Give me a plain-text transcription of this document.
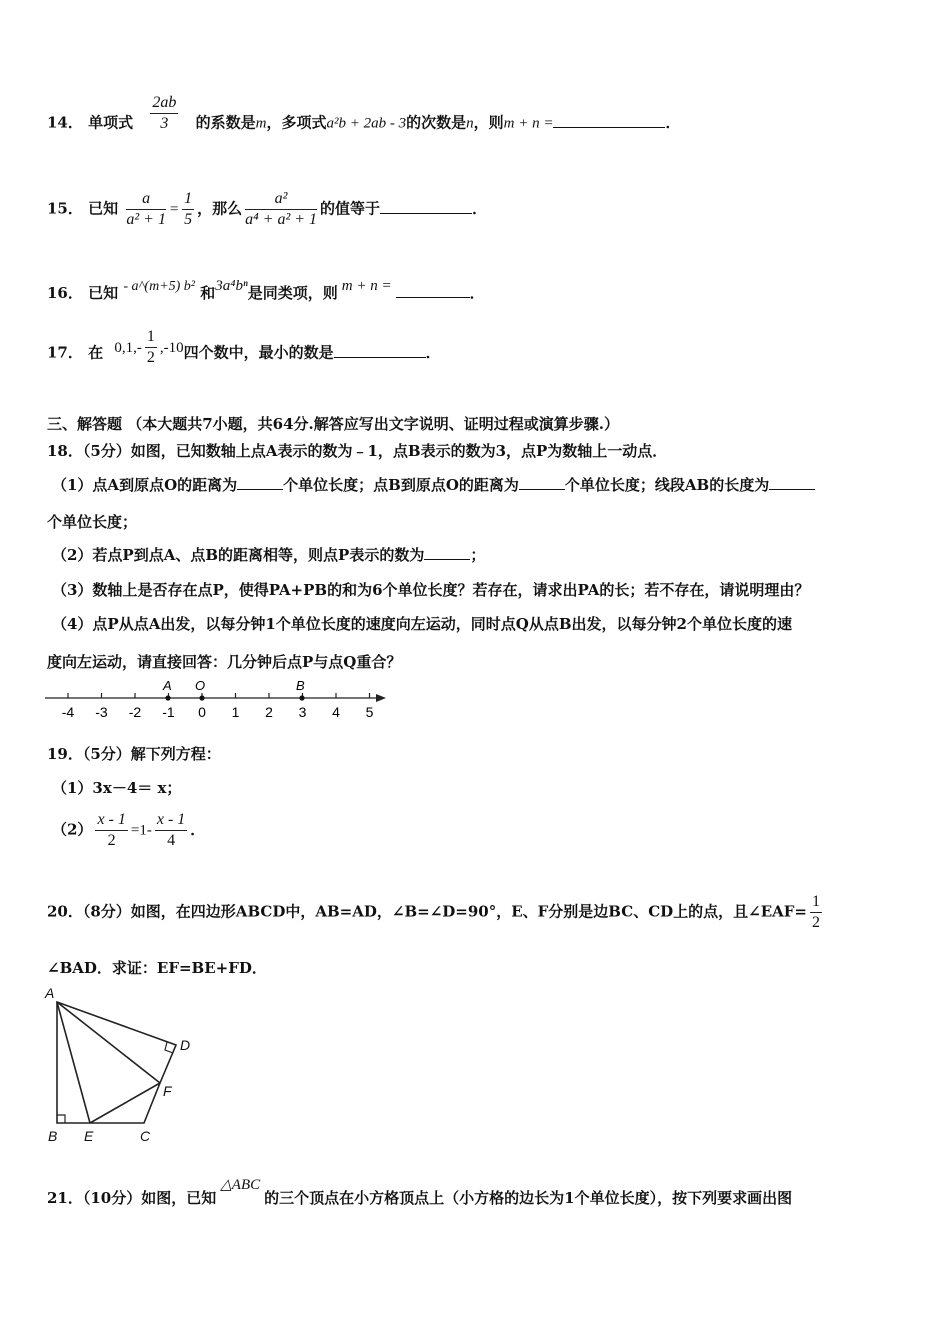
14． 单项式 $\frac{2ab}{3}$ 的系数是m，多项式a²b + 2ab - 3的次数是n，则m + n =	．
15． 已知 $\frac{a}{\text{a² + 1}} = \frac{1}{5}$ ，那么 $\frac{\text{a²}}{\text{a⁴ + a² + 1}}$ 的值等于	．
16． 已知 - a^(m+5) b² 和3a⁴bⁿ是同类项，则 m + n =	．
17． 在 $0,1,- \frac{1}{2} ,-10$四个数中，最小的数是	．
三、解答题 （本大题共7小题，共64分.解答应写出文字说明、证明过程或演算步骤.）
18．（5分）如图，已知数轴上点A表示的数为﹣1，点B表示的数为3，点P为数轴上一动点．
（1）点A到原点O的距离为	个单位长度；点B到原点O的距离为	个单位长度；线段AB的长度为
个单位长度；
（2）若点P到点A、点B的距离相等，则点P表示的数为	；
（3）数轴上是否存在点P，使得PA+PB的和为6个单位长度？若存在，请求出PA的长；若不存在，请说明理由？
（4）点P从点A出发，以每分钟1个单位长度的速度向左运动，同时点Q从点B出发，以每分钟2个单位长度的速
度向左运动，请直接回答：几分钟后点P与点Q重合？
-4 -3 -2 -1 0 1 2 3 4 5
A O	B
19．（5分）解下列方程：
（1）3x－4＝ x；
$(2) \frac{x - 1}{2} =1- \frac{x - 1}{4}$ ．
20．（8分）如图，在四边形ABCD中，AB=AD，∠B=∠D=90°，E、F分别是边BC、CD上的点，且∠EAF= $\frac{1}{2}$
∠BAD．求证：EF=BE+FD．
A
B	C
D
E
F
21．（10分）如图，已知△ABC的三个顶点在小方格顶点上（小方格的边长为1个单位长度），按下列要求画出图
